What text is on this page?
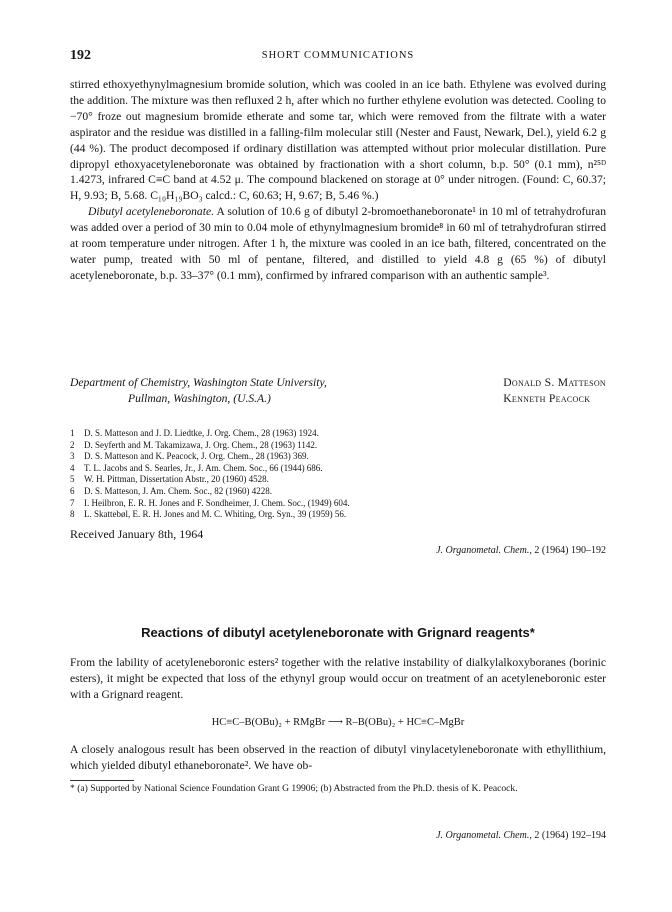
192	SHORT COMMUNICATIONS

stirred ethoxyethynylmagnesium bromide solution, which was cooled in an ice bath. Ethylene was evolved during the addition. The mixture was then refluxed 2 h, after which no further ethylene evolution was detected. Cooling to −70° froze out magnesium bromide etherate and some tar, which were removed from the filtrate with a water aspirator and the residue was distilled in a falling-film molecular still (Nester and Faust, Newark, Del.), yield 6.2 g (44 %). The product decomposed if ordinary distillation was attempted without prior molecular distillation. Pure dipropyl ethoxyacetyleneboronate was obtained by fractionation with a short column, b.p. 50° (0.1 mm), n²⁵ᴰ 1.4273, infrared C≡C band at 4.52 μ. The compound blackened on storage at 0° under nitrogen. (Found: C, 60.37; H, 9.93; B, 5.68. C₁₀H₁₉BO₃ calcd.: C, 60.63; H, 9.67; B, 5.46 %.)

Dibutyl acetyleneboronate. A solution of 10.6 g of dibutyl 2-bromoethaneboronate¹ in 10 ml of tetrahydrofuran was added over a period of 30 min to 0.04 mole of ethynylmagnesium bromide⁸ in 60 ml of tetrahydrofuran stirred at room temperature under nitrogen. After 1 h, the mixture was cooled in an ice bath, filtered, concentrated on the water pump, treated with 50 ml of pentane, filtered, and distilled to yield 4.8 g (65 %) of dibutyl acetyleneboronate, b.p. 33–37° (0.1 mm), confirmed by infrared comparison with an authentic sample³.

Department of Chemistry, Washington State University,
Pullman, Washington, (U.S.A.)
Donald S. Matteson
Kenneth Peacock
1 D. S. Matteson and J. D. Liedtke, J. Org. Chem., 28 (1963) 1924.
2 D. Seyferth and M. Takamizawa, J. Org. Chem., 28 (1963) 1142.
3 D. S. Matteson and K. Peacock, J. Org. Chem., 28 (1963) 369.
4 T. L. Jacobs and S. Searles, Jr., J. Am. Chem. Soc., 66 (1944) 686.
5 W. H. Pittman, Dissertation Abstr., 20 (1960) 4528.
6 D. S. Matteson, J. Am. Chem. Soc., 82 (1960) 4228.
7 I. Heilbron, E. R. H. Jones and F. Sondheimer, J. Chem. Soc., (1949) 604.
8 L. Skattebøl, E. R. H. Jones and M. C. Whiting, Org. Syn., 39 (1959) 56.
Received January 8th, 1964
J. Organometal. Chem., 2 (1964) 190–192
Reactions of dibutyl acetyleneboronate with Grignard reagents*

From the lability of acetyleneboronic esters² together with the relative instability of dialkylalkoxyboranes (borinic esters), it might be expected that loss of the ethynyl group would occur on treatment of an acetyleneboronic ester with a Grignard reagent.

HC≡C–B(OBu)₂ + RMgBr ⟶ R–B(OBu)₂ + HC≡C–MgBr

A closely analogous result has been observed in the reaction of dibutyl vinylacetyleneboronate with ethyllithium, which yielded dibutyl ethaneboronate². We have ob-

* (a) Supported by National Science Foundation Grant G 19906; (b) Abstracted from the Ph.D. thesis of K. Peacock.
J. Organometal. Chem., 2 (1964) 192–194
